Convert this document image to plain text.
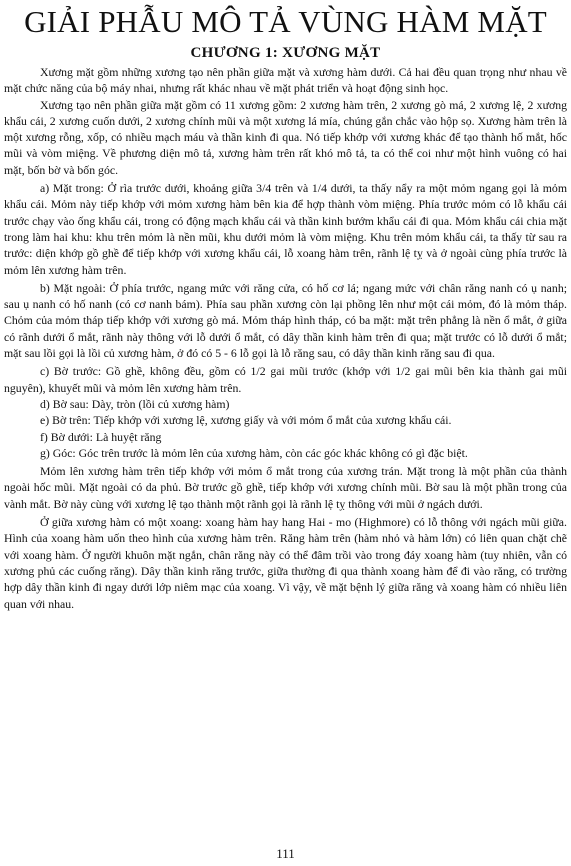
GIẢI PHẪU MÔ TẢ VÙNG HÀM MẶT
CHƯƠNG 1: XƯƠNG MẶT

Xương mặt gồm những xương tạo nên phần giữa mặt và xương hàm dưới. Cả hai đều quan trọng như nhau về mặt chức năng của bộ máy nhai, nhưng rất khác nhau về mặt phát triển và hoạt động sinh học.

Xương tạo nên phần giữa mặt gồm có 11 xương gồm: 2 xương hàm trên, 2 xương gò má, 2 xương lệ, 2 xương khẩu cái, 2 xương cuốn dưới, 2 xương chính mũi và một xương lá mía, chúng gắn chắc vào hộp sọ. Xương hàm trên là một xương rỗng, xốp, có nhiều mạch máu và thần kinh đi qua. Nó tiếp khớp với xương khác để tạo thành hố mắt, hốc mũi và vòm miệng. Về phương diện mô tả, xương hàm trên rất khó mô tả, ta có thể coi như một hình vuông có hai mặt, bốn bờ và bốn góc.

a) Mặt trong: Ở rìa trước dưới, khoảng giữa 3/4 trên và 1/4 dưới, ta thấy nẩy ra một mỏm ngang gọi là mỏm khẩu cái. Mỏm này tiếp khớp với mỏm xương hàm bên kia để hợp thành vòm miệng. Phía trước mỏm có lỗ khẩu cái trước chạy vào ống khẩu cái, trong có động mạch khẩu cái và thần kinh bướm khẩu cái đi qua. Mỏm khẩu cái chia mặt trong làm hai khu: khu trên mỏm là nền mũi, khu dưới mỏm là vòm miệng. Khu trên mỏm khẩu cái, ta thấy từ sau ra trước: diện khớp gồ ghề để tiếp khớp với xương khẩu cái, lỗ xoang hàm trên, rãnh lệ tỵ và ở ngoài cùng phía trước là mỏm lên xương hàm trên.

b) Mặt ngoài: Ở phía trước, ngang mức với răng cửa, có hố cơ lá; ngang mức với chân răng nanh có ụ nanh; sau ụ nanh có hố nanh (có cơ nanh bám). Phía sau phần xương còn lại phồng lên như một cái mỏm, đó là mỏm tháp. Chỏm của mỏm tháp tiếp khớp với xương gò má. Mỏm tháp hình tháp, có ba mặt: mặt trên phẳng là nền ổ mắt, ở giữa có rãnh dưới ổ mắt, rãnh này thông với lỗ dưới ổ mắt, có dây thần kinh hàm trên đi qua; mặt trước có lỗ dưới ổ mắt; mặt sau lồi gọi là lồi củ xương hàm, ở đó có 5 - 6 lỗ gọi là lỗ răng sau, có dây thần kinh răng sau đi qua.

c) Bờ trước: Gồ ghề, không đều, gồm có 1/2 gai mũi trước (khớp với 1/2 gai mũi bên kia thành gai mũi nguyên), khuyết mũi và mỏm lên xương hàm trên.

d) Bờ sau: Dày, tròn (lồi củ xương hàm)

e) Bờ trên: Tiếp khớp với xương lệ, xương giấy và với mỏm ổ mắt của xương khẩu cái.

f) Bờ dưới: Là huyệt răng

g) Góc: Góc trên trước là mỏm lên của xương hàm, còn các góc khác không có gì đặc biệt.

Mỏm lên xương hàm trên tiếp khớp với mỏm ổ mắt trong của xương trán. Mặt trong là một phần của thành ngoài hốc mũi. Mặt ngoài có da phủ. Bờ trước gồ ghề, tiếp khớp với xương chính mũi. Bờ sau là một phần trong của vành mắt. Bờ này cùng với xương lệ tạo thành một rãnh gọi là rãnh lệ tỵ thông với mũi ở ngách dưới.

Ở giữa xương hàm có một xoang: xoang hàm hay hang Hai - mo (Highmore) có lỗ thông với ngách mũi giữa. Hình của xoang hàm uốn theo hình của xương hàm trên. Răng hàm trên (hàm nhỏ và hàm lớn) có liên quan chặt chẽ với xoang hàm. Ở người khuôn mặt ngắn, chân răng này có thể đâm trồi vào trong đáy xoang hàm (tuy nhiên, vẫn có xương phủ các cuống răng). Dây thần kinh răng trước, giữa thường đi qua thành xoang hàm để đi vào răng, có trường hợp dây thần kinh đi ngay dưới lớp niêm mạc của xoang. Vì vậy, về mặt bệnh lý giữa răng và xoang hàm có nhiều liên quan với nhau.

111
